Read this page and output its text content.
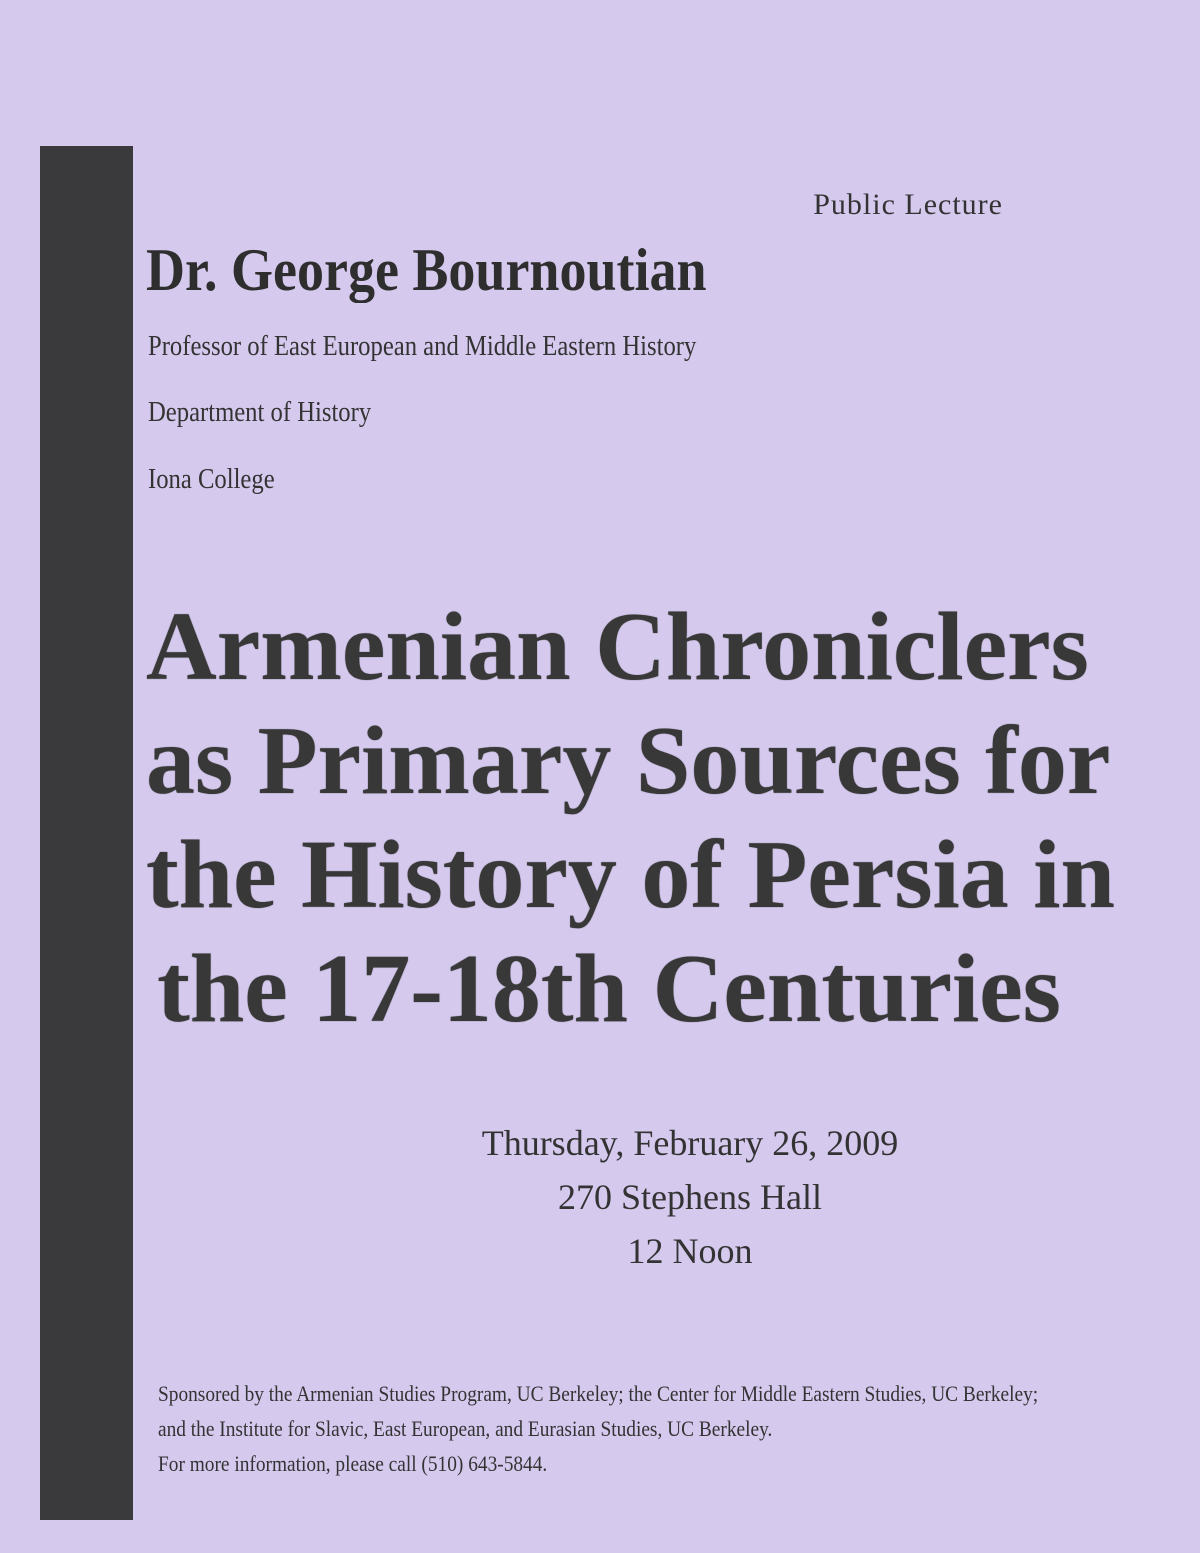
Public Lecture
Dr. George Bournoutian
Professor of East European and Middle Eastern History
Department of History
Iona College
Armenian Chroniclers
as Primary Sources for
the History of Persia in
the 17-18th Centuries
Thursday, February 26, 2009
270 Stephens Hall
12 Noon
Sponsored by the Armenian Studies Program, UC Berkeley; the Center for Middle Eastern Studies, UC Berkeley;
and the Institute for Slavic, East European, and Eurasian Studies, UC Berkeley.
For more information, please call (510) 643-5844.
